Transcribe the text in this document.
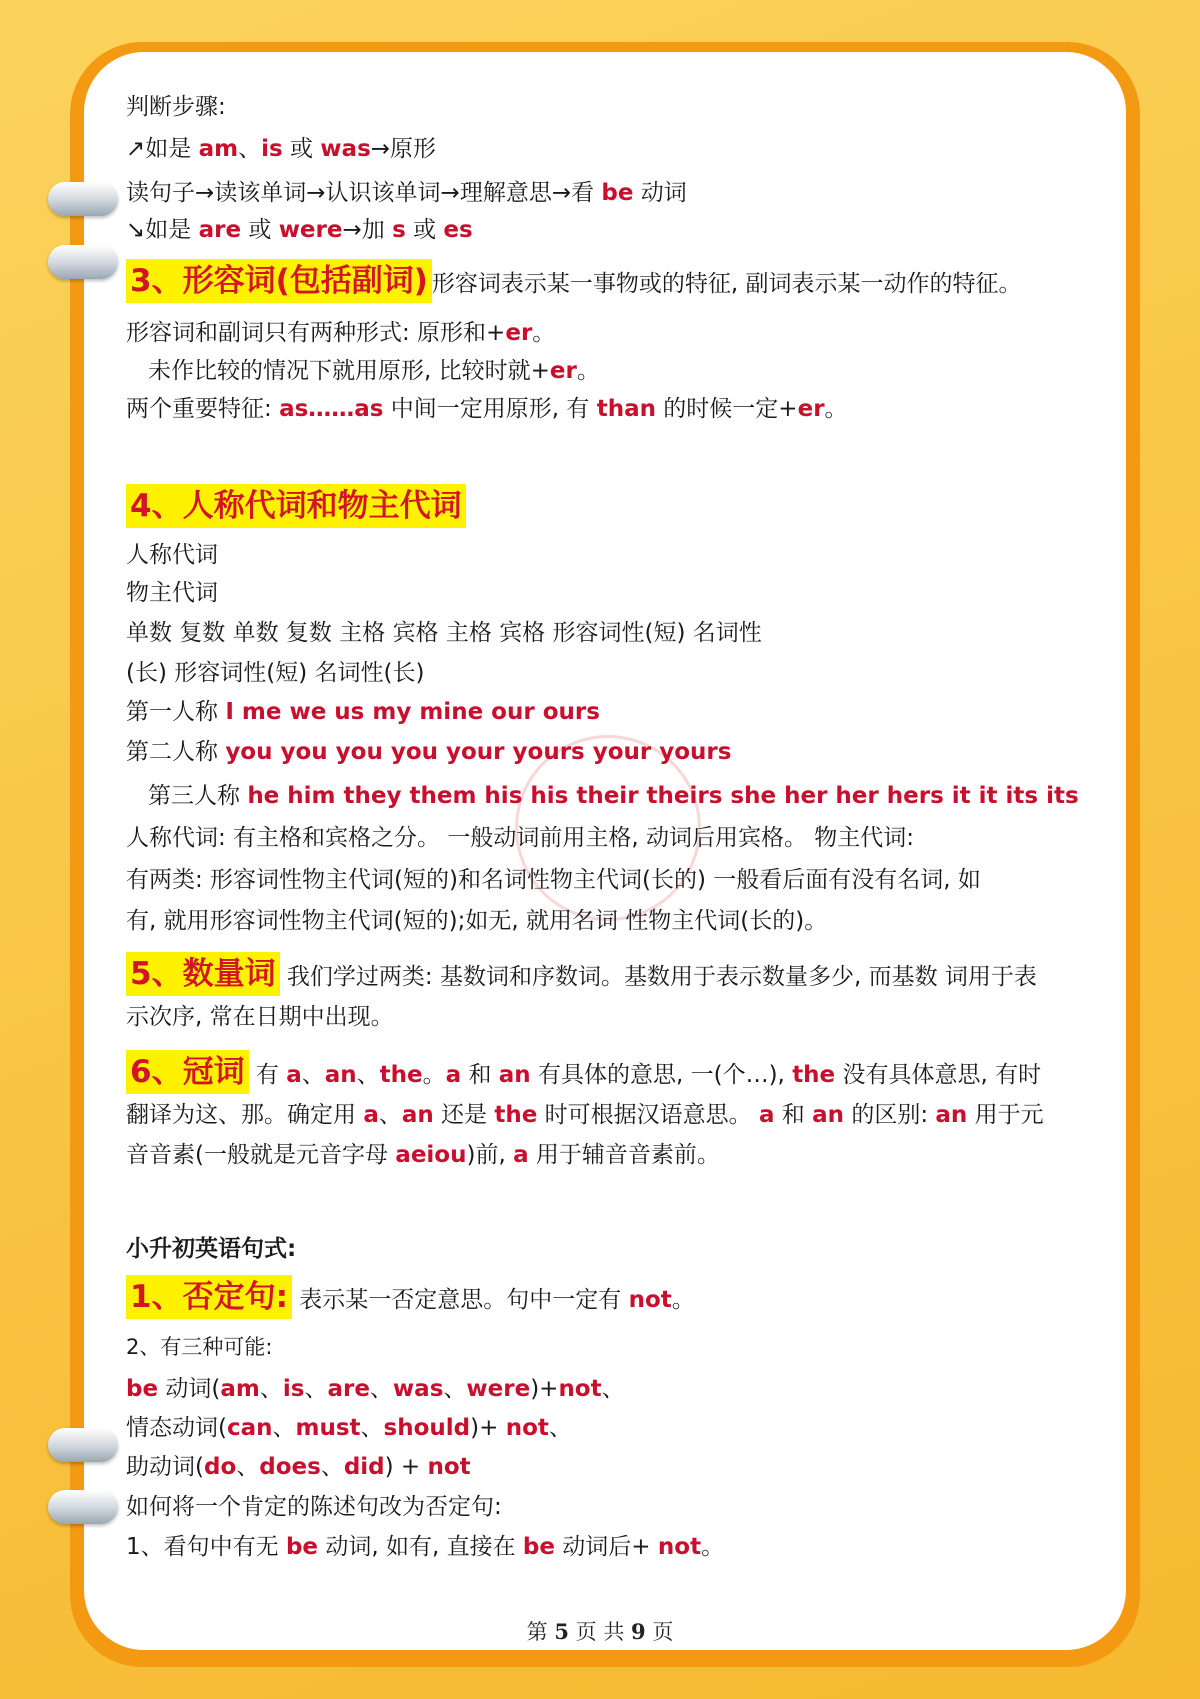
判断步骤:
↗如是 am、is 或 was→原形
读句子→读该单词→认识该单词→理解意思→看 be 动词
↘如是 are 或 were→加 s 或 es
3、形容词(包括副词) 形容词表示某一事物或的特征, 副词表示某一动作的特征。
形容词和副词只有两种形式: 原形和+er。
未作比较的情况下就用原形, 比较时就+er。
两个重要特征: as……as 中间一定用原形, 有 than 的时候一定+er。
4、人称代词和物主代词
人称代词
物主代词
单数 复数 单数 复数 主格 宾格 主格 宾格 形容词性(短) 名词性
(长) 形容词性(短) 名词性(长)
第一人称 I me we us my mine our ours
第二人称 you you you you your yours your yours
第三人称 he him they them his his their theirs she her her hers it it its its
人称代词: 有主格和宾格之分。 一般动词前用主格, 动词后用宾格。 物主代词:
有两类: 形容词性物主代词(短的)和名词性物主代词(长的) 一般看后面有没有名词, 如
有, 就用形容词性物主代词(短的);如无, 就用名词 性物主代词(长的)。
5、数量词 我们学过两类: 基数词和序数词。基数用于表示数量多少, 而基数 词用于表示次序, 常在日期中出现。
6、冠词 有 a、an、the。a 和 an 有具体的意思, 一(个…), the 没有具体意思, 有时翻译为这、那。确定用 a、an 还是 the 时可根据汉语意思。 a 和 an 的区别: an 用于元音音素(一般就是元音字母 aeiou)前, a 用于辅音音素前。
小升初英语句式:
1、否定句: 表示某一否定意思。句中一定有 not。
2、有三种可能:
be 动词(am、is、are、was、were)+not、
情态动词(can、must、should)+ not、
助动词(do、does、did) + not
如何将一个肯定的陈述句改为否定句:
1、看句中有无 be 动词, 如有, 直接在 be 动词后+ not。
第 5 页 共 9 页
